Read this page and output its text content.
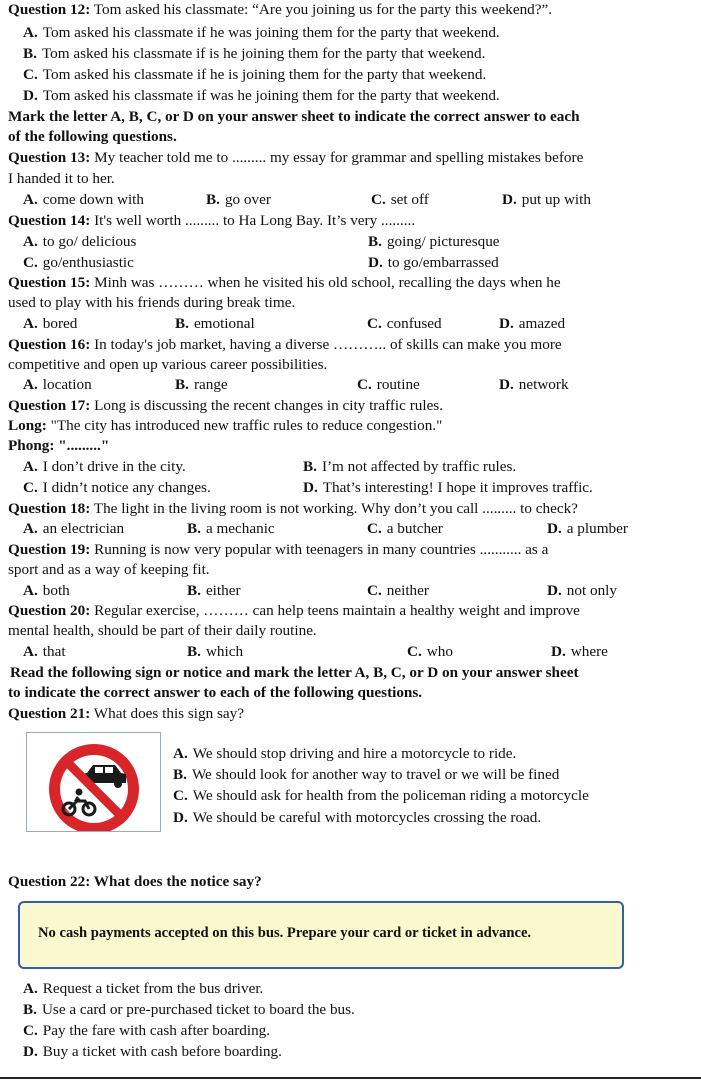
Question 12: Tom asked his classmate: “Are you joining us for the party this weekend?”.
A. Tom asked his classmate if he was joining them for the party that weekend.
B. Tom asked his classmate if is he joining them for the party that weekend.
C. Tom asked his classmate if he is joining them for the party that weekend.
D. Tom asked his classmate if was he joining them for the party that weekend.
Mark the letter A, B, C, or D on your answer sheet to indicate the correct answer to each
of the following questions.
Question 13: My teacher told me to ......... my essay for grammar and spelling mistakes before
I handed it to her.
A. come down with	B. go over	C. set off	D. put up with
Question 14: It's well worth ......... to Ha Long Bay. It’s very .........
A. to go/ delicious	B. going/ picturesque
C. go/enthusiastic	D. to go/embarrassed
Question 15: Minh was ……… when he visited his old school, recalling the days when he
used to play with his friends during break time.
A. bored	B. emotional	C. confused	D. amazed
Question 16: In today's job market, having a diverse ……….. of skills can make you more
competitive and open up various career possibilities.
A. location	B. range	C. routine	D. network
Question 17: Long is discussing the recent changes in city traffic rules.
Long: "The city has introduced new traffic rules to reduce congestion."
Phong: "........."
A. I don’t drive in the city.	B. I’m not affected by traffic rules.
C. I didn’t notice any changes.	D. That’s interesting! I hope it improves traffic.
Question 18: The light in the living room is not working. Why don’t you call ......... to check?
A. an electrician	B. a mechanic	C. a butcher	D. a plumber
Question 19: Running is now very popular with teenagers in many countries ........... as a
sport and as a way of keeping fit.
A. both	B. either	C. neither	D. not only
Question 20: Regular exercise, ……… can help teens maintain a healthy weight and improve
mental health, should be part of their daily routine.
A. that	B. which	C. who	D. where
Read the following sign or notice and mark the letter A, B, C, or D on your answer sheet
to indicate the correct answer to each of the following questions.
Question 21: What does this sign say?
A. We should stop driving and hire a motorcycle to ride.
B. We should look for another way to travel or we will be fined
C. We should ask for health from the policeman riding a motorcycle
D. We should be careful with motorcycles crossing the road.
Question 22: What does the notice say?
No cash payments accepted on this bus. Prepare your card or ticket in advance.
A. Request a ticket from the bus driver.
B. Use a card or pre-purchased ticket to board the bus.
C. Pay the fare with cash after boarding.
D. Buy a ticket with cash before boarding.
